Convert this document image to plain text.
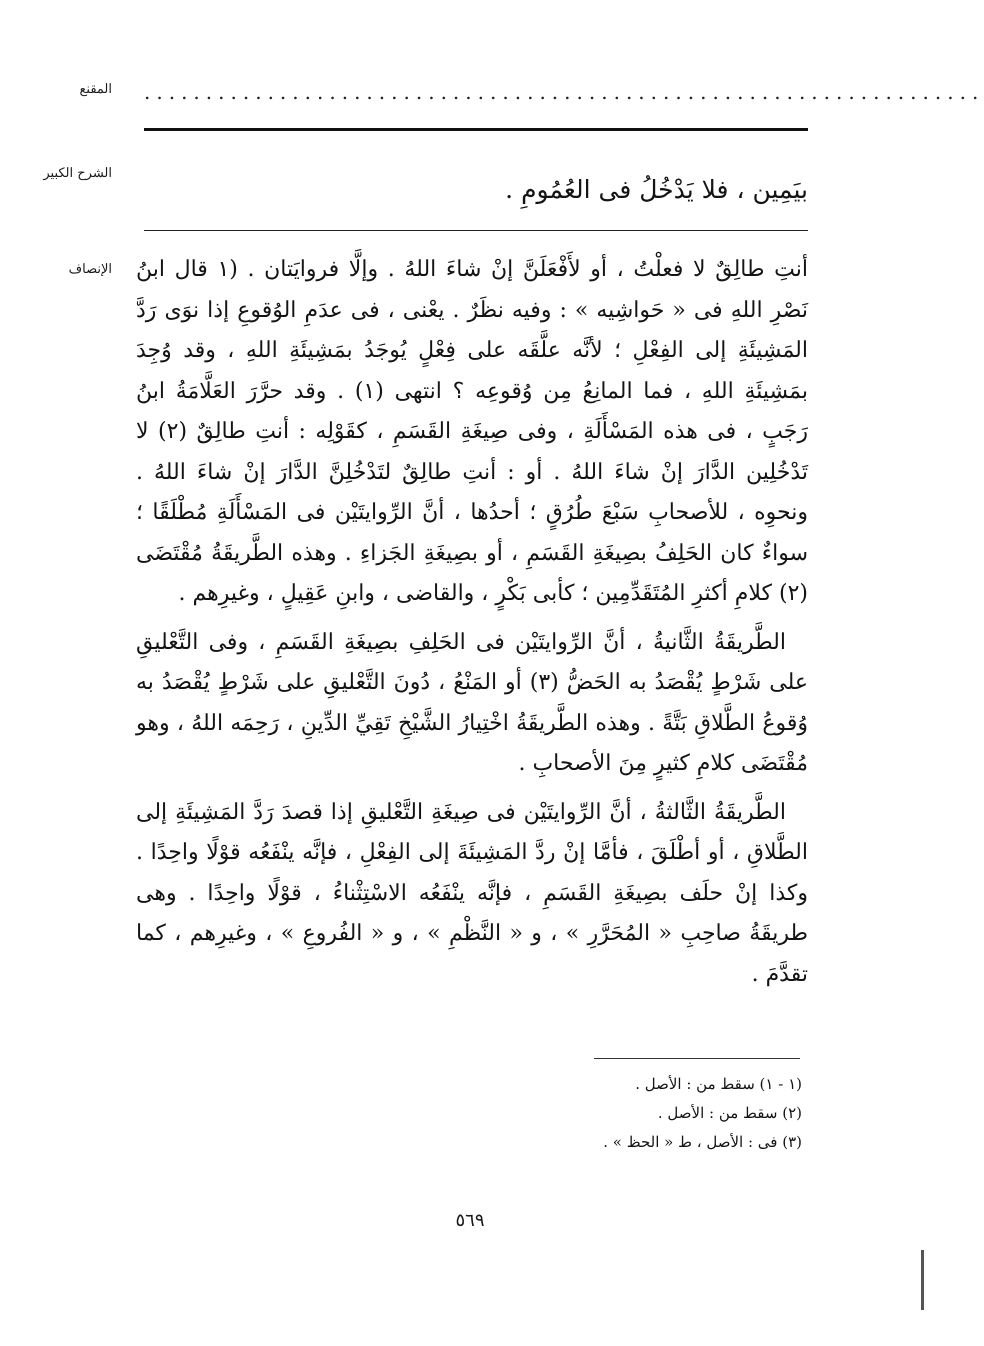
المقنع ....................................................................
الشرح الكبير
بيَمِين ، فلا يَدْخُلُ فى العُمُومِ .
الإنصاف أنتِ طالِقٌ لا فعلْتُ ، أو لأَفْعَلَنَّ إنْ شاءَ اللهُ . وإلَّا فروايَتان . (١ قال ابنُ نَصْرِ اللهِ فى « حَواشِيه » : وفيه نظَرٌ . يعْنى ، فى عدَمِ الوُقوعِ إذا نوَى رَدَّ المَشِيئَةِ إلى الفِعْلِ ؛ لأنَّه علَّقَه على فِعْلٍ يُوجَدُ بمَشِيئَةِ اللهِ ، وقد وُجِدَ بمَشِيئَةِ اللهِ ، فما المانِعُ مِن وُقوعِه ؟ انتهى (١) . وقد حرَّرَ العَلَّامَةُ ابنُ رَجَبٍ ، فى هذه المَسْأَلَةِ ، وفى صِيغَةِ القَسَمِ ، كقَوْلِه : أنتِ طالِقٌ (٢) لا تَدْخُلِين الدَّارَ إنْ شاءَ اللهُ . أو : أنتِ طالِقٌ لتَدْخُلِنَّ الدَّارَ إنْ شاءَ اللهُ . ونحوِه ، للأصحابِ سَبْعَ طُرُقٍ ؛ أحدُها ، أنَّ الرِّوايتَيْن فى المَسْأَلَةِ مُطْلَقًا ؛ سواءٌ كان الحَلِفُ بصِيغَةِ القَسَمِ ، أو بصِيغَةِ الجَزاءِ . وهذه الطَّريقَةُ مُقْتَضَى (٢) كلامِ أكثرِ المُتَقَدِّمِين ؛ كأبى بَكْرٍ ، والقاضى ، وابنِ عَقِيلٍ ، وغيرِهم .

الطَّريقَةُ الثَّانيةُ ، أنَّ الرِّوايتَيْن فى الحَلِفِ بصِيغَةِ القَسَمِ ، وفى التَّعْليقِ على شَرْطٍ يُقْصَدُ به الحَضُّ (٣) أو المَنْعُ ، دُونَ التَّعْليقِ على شَرْطٍ يُقْصَدُ به وُقوعُ الطَّلاقِ بَتَّةً . وهذه الطَّريقَةُ اخْتِيارُ الشَّيْخِ تَقِيِّ الدِّينِ ، رَحِمَه اللهُ ، وهو مُقْتَضَى كلامِ كثيرٍ مِنَ الأصحابِ .

الطَّريقَةُ الثَّالثةُ ، أنَّ الرِّوايتَيْن فى صِيغَةِ التَّعْليقِ إذا قصدَ رَدَّ المَشِيئَةِ إلى الطَّلاقِ ، أو أطْلَقَ ، فأمَّا إنْ ردَّ المَشِيئَةَ إلى الفِعْلِ ، فإنَّه ينْفَعُه قوْلًا واحِدًا . وكذا إنْ حلَف بصِيغَةِ القَسَمِ ، فإنَّه ينْفَعُه الاسْتِثْناءُ ، قوْلًا واحِدًا . وهى طريقَةُ صاحِبِ « المُحَرَّرِ » ، و « النَّظْمِ » ، و « الفُروعِ » ، وغيرِهم ، كما تقدَّمَ .

(١ - ١) سقط من : الأصل .

(٢) سقط من : الأصل .

(٣) فى : الأصل ، ط « الحظ » .

٥٦٩
